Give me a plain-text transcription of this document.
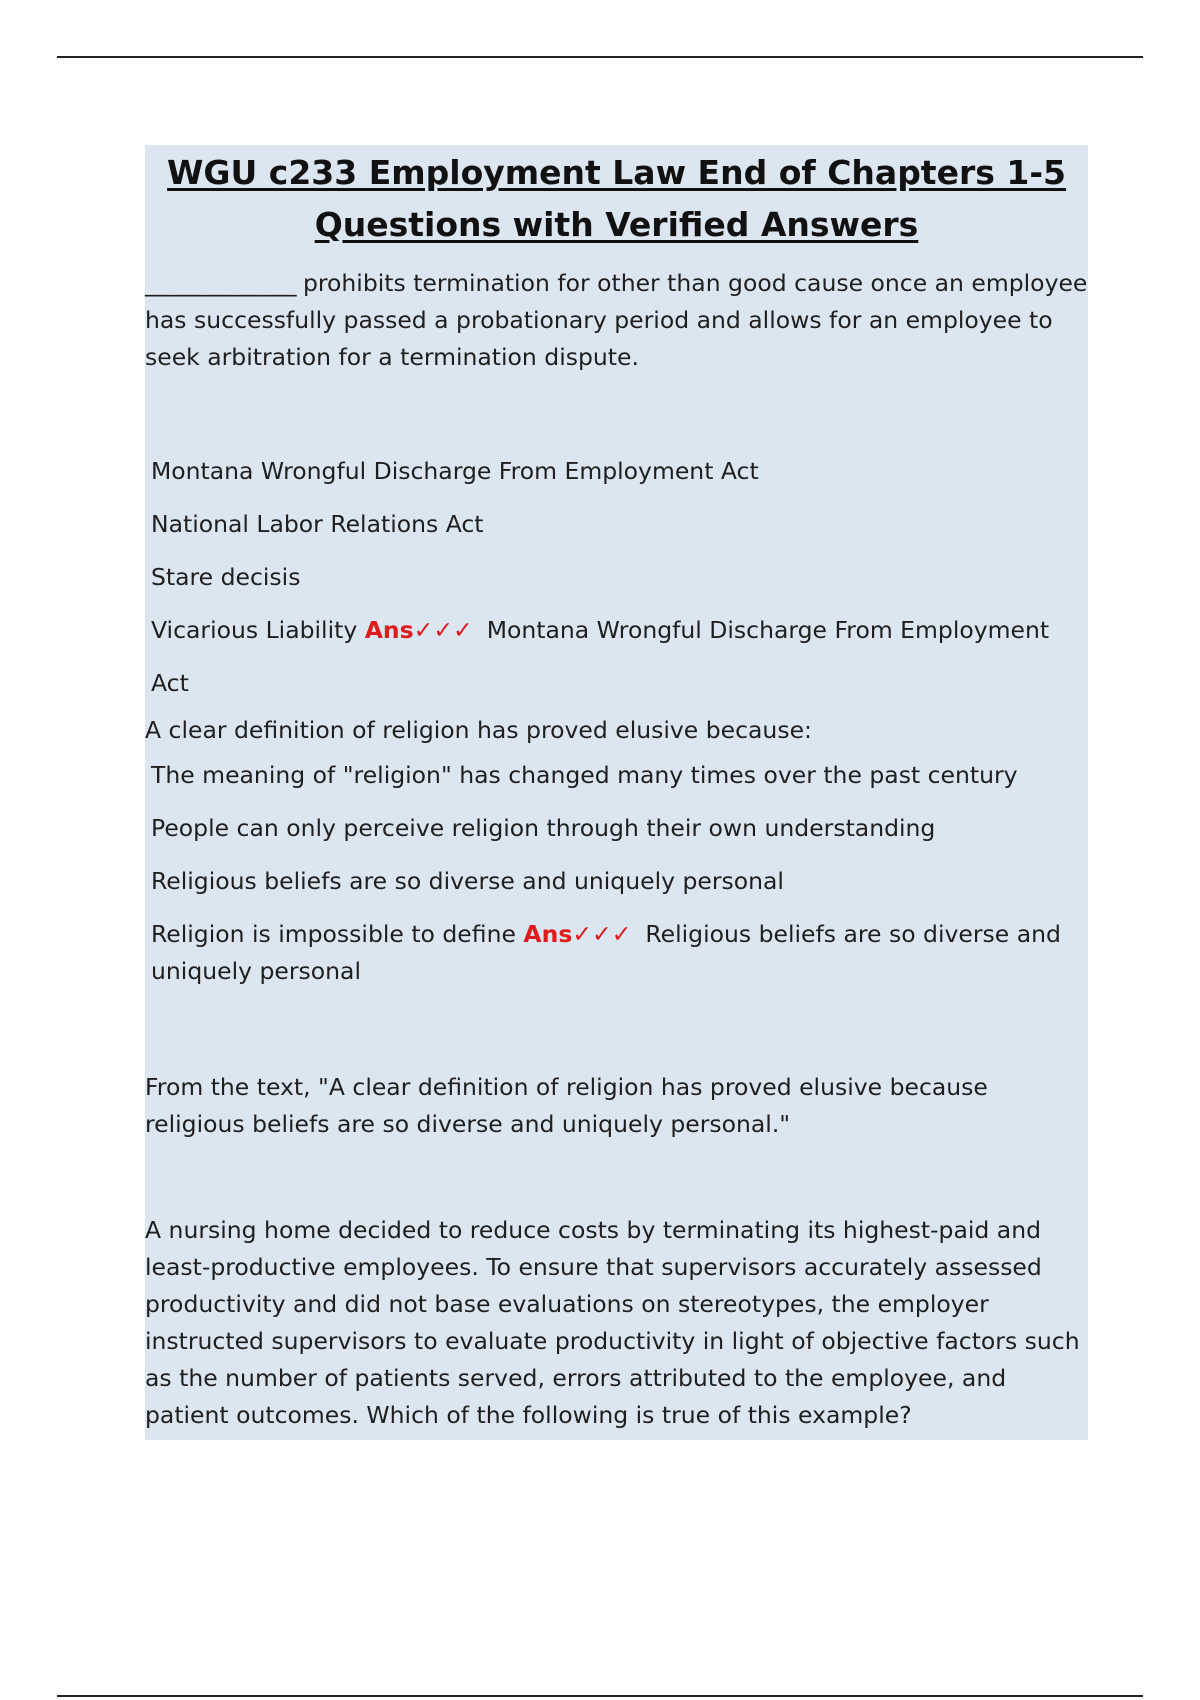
WGU c233 Employment Law End of Chapters 1-5
Questions with Verified Answers

______________ prohibits termination for other than good cause once an employee has successfully passed a probationary period and allows for an employee to seek arbitration for a termination dispute.

Montana Wrongful Discharge From Employment Act

National Labor Relations Act

Stare decisis

Vicarious Liability Ans✓✓✓ Montana Wrongful Discharge From Employment Act

A clear definition of religion has proved elusive because:

The meaning of "religion" has changed many times over the past century

People can only perceive religion through their own understanding

Religious beliefs are so diverse and uniquely personal

Religion is impossible to define Ans✓✓✓ Religious beliefs are so diverse and uniquely personal

From the text, "A clear definition of religion has proved elusive because religious beliefs are so diverse and uniquely personal."

A nursing home decided to reduce costs by terminating its highest-paid and least-productive employees. To ensure that supervisors accurately assessed productivity and did not base evaluations on stereotypes, the employer instructed supervisors to evaluate productivity in light of objective factors such as the number of patients served, errors attributed to the employee, and patient outcomes. Which of the following is true of this example?
